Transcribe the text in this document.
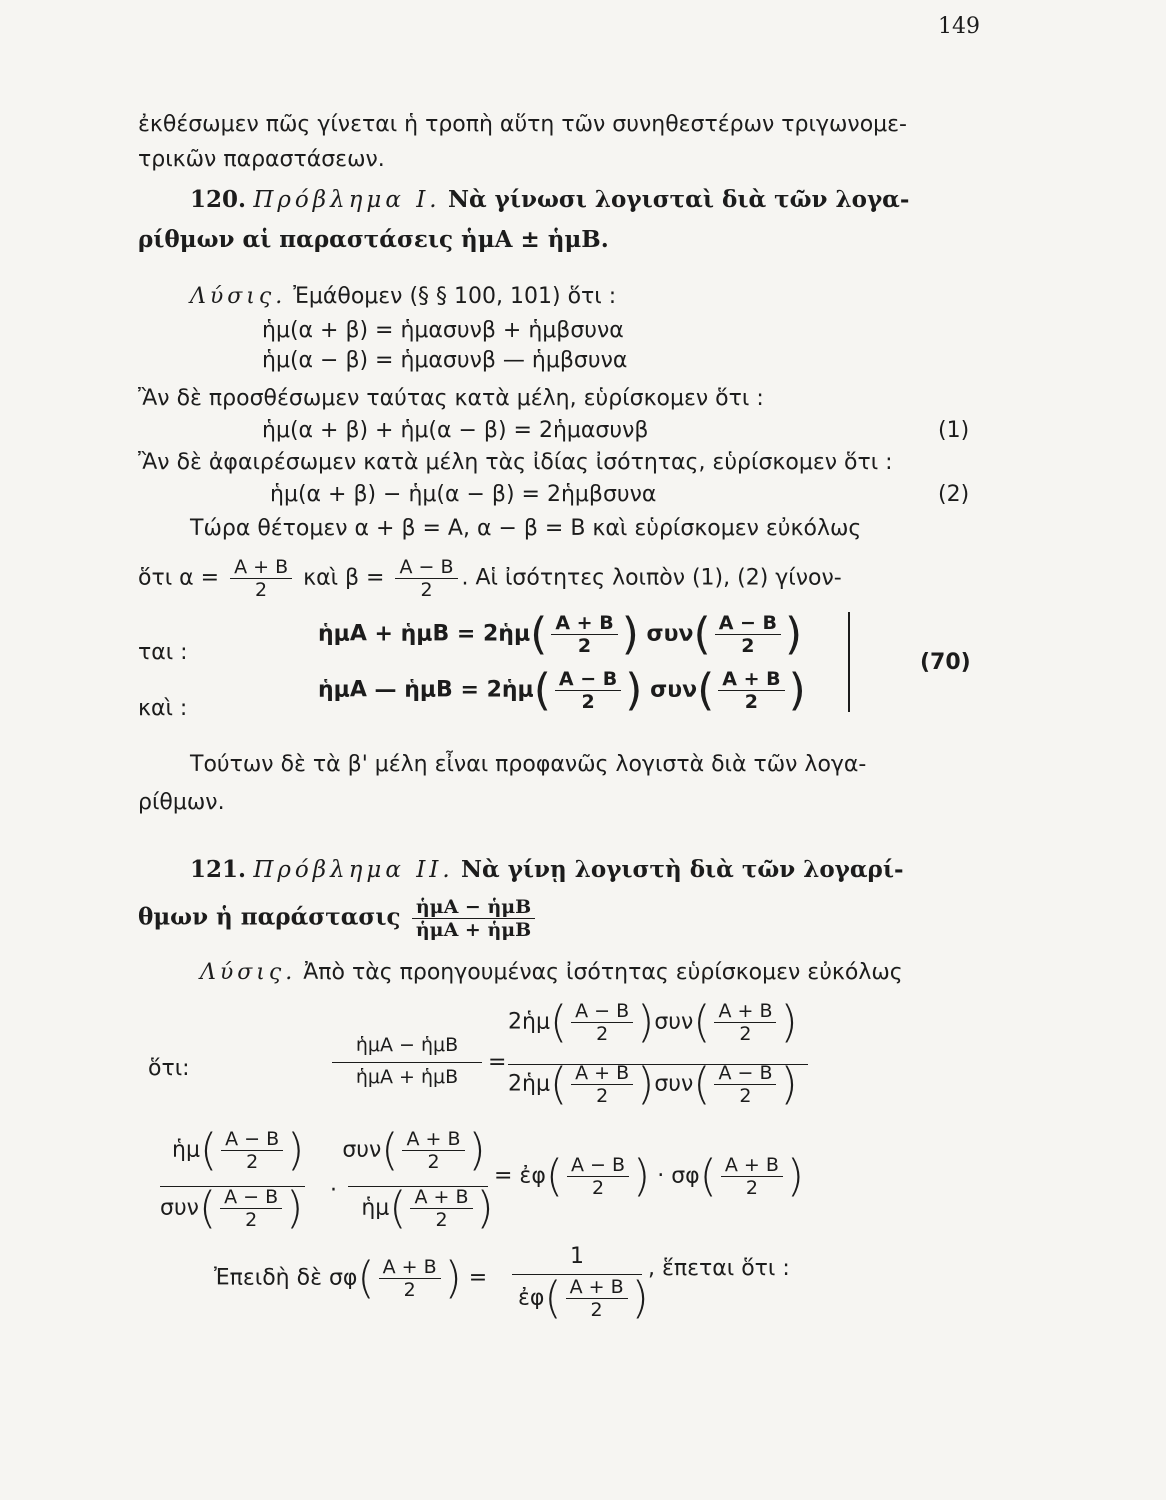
149
ἐκθέσωμεν πῶς γίνεται ἡ τροπὴ αὕτη τῶν συνηθεστέρων τριγωνομε-
τρικῶν παραστάσεων.
120. Πρόβλημα I. Νὰ γίνωσι λογισταὶ διὰ τῶν λογα-
ρίθμων αἱ παραστάσεις ἡμΑ ± ἡμΒ.
Λύσις. Ἐμάθομεν (§ § 100, 101) ὅτι :
ἡμ(α + β) = ἡμασυνβ + ἡμβσυνα
ἡμ(α − β) = ἡμασυνβ — ἡμβσυνα
Ἂν δὲ προσθέσωμεν ταύτας κατὰ μέλη, εὑρίσκομεν ὅτι :
ἡμ(α + β) + ἡμ(α − β) = 2ἡμασυνβ	(1)
Ἂν δὲ ἀφαιρέσωμεν κατὰ μέλη τὰς ἰδίας ἰσότητας, εὑρίσκομεν ὅτι :
ἡμ(α + β) − ἡμ(α − β) = 2ἡμβσυνα	(2)
Τώρα θέτομεν α + β = Α, α − β = Β καὶ εὑρίσκομεν εὐκόλως
ὅτι $\alpha = \frac{A + B}{2}$ καὶ $\beta = \frac{A - B}{2}$ . Αἱ ἰσότητες λοιπὸν (1), (2) γίνον-
ται :
ἡμΑ + ἡμΒ = 2ἡμ( $\frac{A + B}{2}$ ) $\sigma\upsilon\nu( \frac{A - B}{2}$ )
καὶ :
ἡμΑ — ἡμΒ = 2ἡμ( $\frac{A - B}{2}$ ) $\sigma\upsilon\nu( \frac{A + B}{2}$ )
(70)
Τούτων δὲ τὰ β' μέλη εἶναι προφανῶς λογιστὰ διὰ τῶν λογα-
ρίθμων.
121. Πρόβλημα II. Νὰ γίνῃ λογιστὴ διὰ τῶν λογαρί-
θμων ἡ παράστασις $\frac{\text{ἡμΑ − ἡμΒ}}{\text{ἡμΑ + ἡμΒ}}$
Λύσις. Ἀπὸ τὰς προηγουμένας ἰσότητας εὑρίσκομεν εὐκόλως
ὅτι:
ἡμΑ − ἡμΒ
ἡμΑ + ἡμΒ
=
2ἡμ( $\frac{A - B}{2} )\sigma\upsilon\nu( \frac{A + B}{2}$ )
2ἡμ( $\frac{A + B}{2} )\sigma\upsilon\nu( \frac{A - B}{2}$ )
ἡμ( $\frac{A - B}{2}$ ) $\sigma\upsilon\nu( \frac{A + B}{2}$ )
·
$\sigma\upsilon\nu( \frac{A - B}{2}$ )	ἡμ( $\frac{A + B}{2}$ )
= ἐφ( $\frac{A - B}{2}$ ) · $\sigma\varphi( \frac{A + B}{2}$ )
Ἐπειδὴ δὲ $\sigma\varphi( \frac{A + B}{2}$ ) =
1
ἐφ( $\frac{A + B}{2}$ )
, ἕπεται ὅτι :
